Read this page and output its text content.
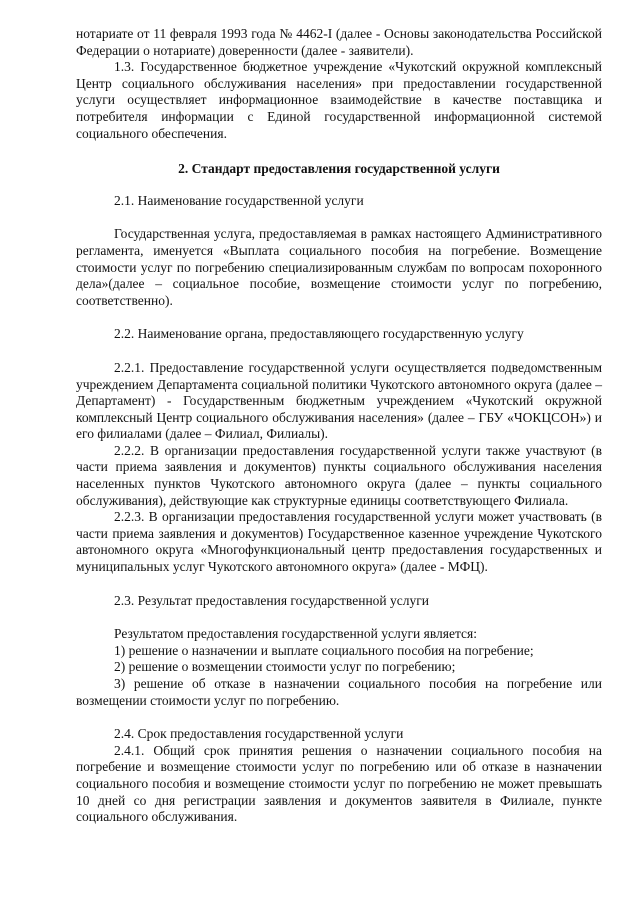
нотариате от 11 февраля 1993 года № 4462-I (далее - Основы законодательства Российской Федерации о нотариате) доверенности (далее - заявители).

1.3. Государственное бюджетное учреждение «Чукотский окружной комплексный Центр социального обслуживания населения» при предоставлении государственной услуги осуществляет информационное взаимодействие в качестве поставщика и потребителя информации с Единой государственной информационной системой социального обеспечения.

2. Стандарт предоставления государственной услуги

2.1. Наименование государственной услуги

Государственная услуга, предоставляемая в рамках настоящего Административного регламента, именуется «Выплата социального пособия на погребение. Возмещение стоимости услуг по погребению специализированным службам по вопросам похоронного дела»(далее – социальное пособие, возмещение стоимости услуг по погребению, соответственно).

2.2. Наименование органа, предоставляющего государственную услугу

2.2.1. Предоставление государственной услуги осуществляется подведомственным учреждением Департамента социальной политики Чукотского автономного округа (далее – Департамент) - Государственным бюджетным учреждением «Чукотский окружной комплексный Центр социального обслуживания населения» (далее – ГБУ «ЧОКЦСОН») и его филиалами (далее – Филиал, Филиалы).

2.2.2. В организации предоставления государственной услуги также участвуют (в части приема заявления и документов) пункты социального обслуживания населения населенных пунктов Чукотского автономного округа (далее – пункты социального обслуживания), действующие как структурные единицы соответствующего Филиала.

2.2.3. В организации предоставления государственной услуги может участвовать (в части приема заявления и документов) Государственное казенное учреждение Чукотского автономного округа «Многофункциональный центр предоставления государственных и муниципальных услуг Чукотского автономного округа» (далее - МФЦ).

2.3. Результат предоставления государственной услуги

Результатом предоставления государственной услуги является:

1) решение о назначении и выплате социального пособия на погребение;

2) решение о возмещении стоимости услуг по погребению;

3) решение об отказе в назначении социального пособия на погребение или возмещении стоимости услуг по погребению.

2.4. Срок предоставления государственной услуги

2.4.1. Общий срок принятия решения о назначении социального пособия на погребение и возмещение стоимости услуг по погребению или об отказе в назначении социального пособия и возмещение стоимости услуг по погребению не может превышать 10 дней со дня регистрации заявления и документов заявителя в Филиале, пункте социального обслуживания.
